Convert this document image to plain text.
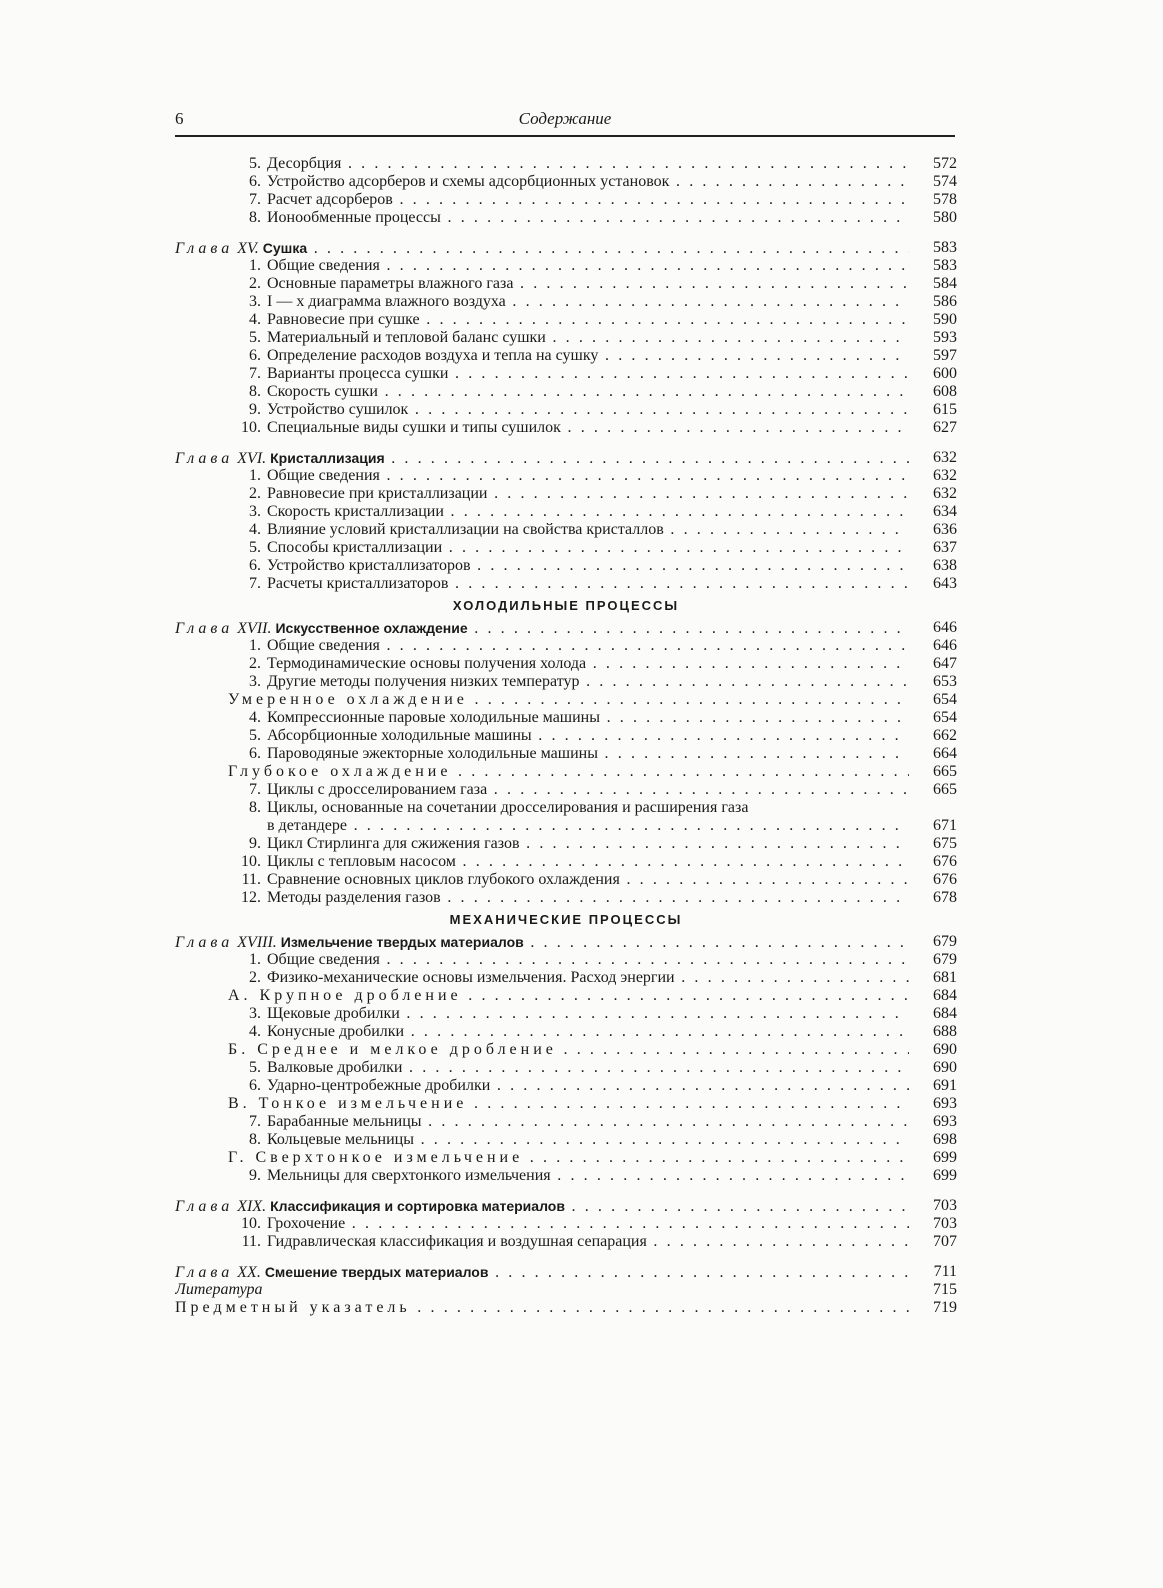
6	Содержание
5. Десорбция . . .	572
6. Устройство адсорберов и схемы адсорбционных установок . . .	574
7. Расчет адсорберов . . .	578
8. Ионообменные процессы . . .	580
Глава XV. Сушка . . .	583
1. Общие сведения . . .	583
2. Основные параметры влажного газа . . .	584
3. I — x диаграмма влажного воздуха . . .	586
4. Равновесие при сушке . . .	590
5. Материальный и тепловой баланс сушки . . .	593
6. Определение расходов воздуха и тепла на сушку . . .	597
7. Варианты процесса сушки . . .	600
8. Скорость сушки . . .	608
9. Устройство сушилок . . .	615
10. Специальные виды сушки и типы сушилок . . .	627
Глава XVI. Кристаллизация . . .	632
1. Общие сведения . . .	632
2. Равновесие при кристаллизации . . .	632
3. Скорость кристаллизации . . .	634
4. Влияние условий кристаллизации на свойства кристаллов . . .	636
5. Способы кристаллизации . . .	637
6. Устройство кристаллизаторов . . .	638
7. Расчеты кристаллизаторов . . .	643
ХОЛОДИЛЬНЫЕ ПРОЦЕССЫ
Глава XVII. Искусственное охлаждение . . .	646
1. Общие сведения . . .	646
2. Термодинамические основы получения холода . . .	647
3. Другие методы получения низких температур . . .	653
Умеренное охлаждение . . .	654
4. Компрессионные паровые холодильные машины . . .	654
5. Абсорбционные холодильные машины . . .	662
6. Пароводяные эжекторные холодильные машины . . .	664
Глубокое охлаждение . . .	665
7. Циклы с дросселированием газа . . .	665
8. Циклы, основанные на сочетании дросселирования и расширения газа
в детандере . . .	671
9. Цикл Стирлинга для сжижения газов . . .	675
10. Циклы с тепловым насосом . . .	676
11. Сравнение основных циклов глубокого охлаждения . . .	676
12. Методы разделения газов . . .	678
МЕХАНИЧЕСКИЕ ПРОЦЕССЫ
Глава XVIII. Измельчение твердых материалов . . .	679
1. Общие сведения . . .	679
2. Физико-механические основы измельчения. Расход энергии . . .	681
А. Крупное дробление . . .	684
3. Щековые дробилки . . .	684
4. Конусные дробилки . . .	688
Б. Среднее и мелкое дробление . . .	690
5. Валковые дробилки . . .	690
6. Ударно-центробежные дробилки . . .	691
В. Тонкое измельчение . . .	693
7. Барабанные мельницы . . .	693
8. Кольцевые мельницы . . .	698
Г. Сверхтонкое измельчение . . .	699
9. Мельницы для сверхтонкого измельчения . . .	699
Глава XIX. Классификация и сортировка материалов . . .	703
10. Грохочение . . .	703
11. Гидравлическая классификация и воздушная сепарация . . .	707
Глава XX. Смешение твердых материалов . . .	711
Литература	715
Предметный указатель . . .	719
